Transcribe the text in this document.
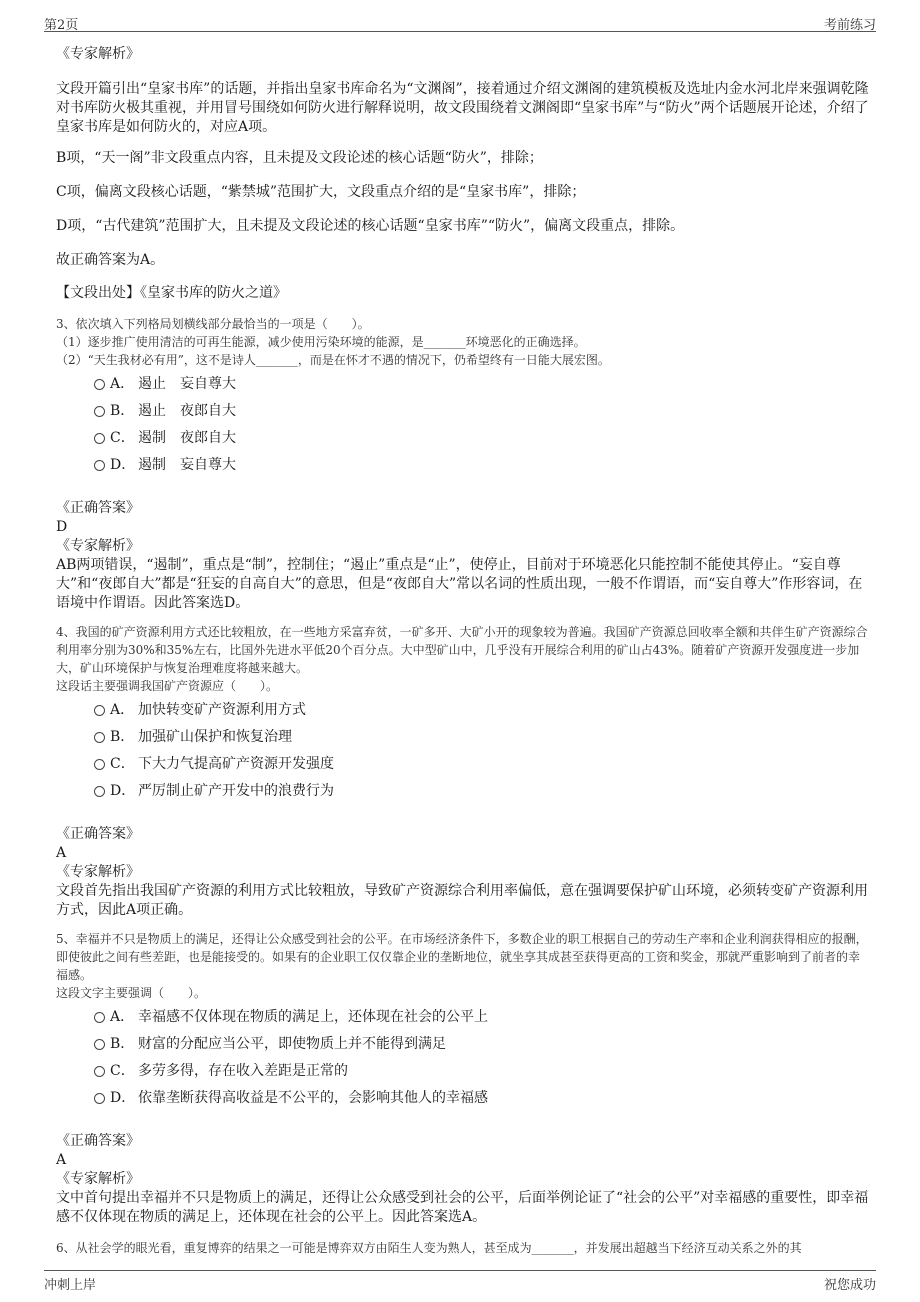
第2页	考前练习
《专家解析》
文段开篇引出“皇家书库”的话题，并指出皇家书库命名为“文渊阁”，接着通过介绍文渊阁的建筑模板及选址内金水河北岸来强调乾隆对书库防火极其重视，并用冒号围绕如何防火进行解释说明，故文段围绕着文渊阁即“皇家书库”与“防火”两个话题展开论述，介绍了皇家书库是如何防火的，对应A项。
B项，“天一阁”非文段重点内容，且未提及文段论述的核心话题“防火”，排除；
C项，偏离文段核心话题，“紫禁城”范围扩大，文段重点介绍的是“皇家书库”，排除；
D项，“古代建筑”范围扩大，且未提及文段论述的核心话题“皇家书库”“防火”，偏离文段重点，排除。
故正确答案为A。
【文段出处】《皇家书库的防火之道》
3、依次填入下列格局划横线部分最恰当的一项是（　　）。
（1）逐步推广使用清洁的可再生能源，减少使用污染环境的能源，是_______环境恶化的正确选择。
（2）“天生我材必有用”，这不是诗人_______，而是在怀才不遇的情况下，仍希望终有一日能大展宏图。
A． 遏止　妄自尊大
B． 遏止　夜郎自大
C． 遏制　夜郎自大
D． 遏制　妄自尊大
《正确答案》
D
《专家解析》
AB两项错误，“遏制”，重点是“制”，控制住；“遏止”重点是“止”，使停止，目前对于环境恶化只能控制不能使其停止。“妄自尊大”和“夜郎自大”都是“狂妄的自高自大”的意思，但是“夜郎自大”常以名词的性质出现，一般不作谓语，而“妄自尊大”作形容词，在语境中作谓语。因此答案选D。
4、我国的矿产资源利用方式还比较粗放，在一些地方采富弃贫，一矿多开、大矿小开的现象较为普遍。我国矿产资源总回收率全额和共伴生矿产资源综合利用率分别为30%和35%左右，比国外先进水平低20个百分点。大中型矿山中，几乎没有开展综合利用的矿山占43%。随着矿产资源开发强度进一步加大，矿山环境保护与恢复治理难度将越来越大。
这段话主要强调我国矿产资源应（　　）。
A． 加快转变矿产资源利用方式
B． 加强矿山保护和恢复治理
C． 下大力气提高矿产资源开发强度
D． 严厉制止矿产开发中的浪费行为
《正确答案》
A
《专家解析》
文段首先指出我国矿产资源的利用方式比较粗放，导致矿产资源综合利用率偏低，意在强调要保护矿山环境，必须转变矿产资源利用方式，因此A项正确。
5、幸福并不只是物质上的满足，还得让公众感受到社会的公平。在市场经济条件下，多数企业的职工根据自己的劳动生产率和企业利润获得相应的报酬，即使彼此之间有些差距，也是能接受的。如果有的企业职工仅仅靠企业的垄断地位，就坐享其成甚至获得更高的工资和奖金，那就严重影响到了前者的幸福感。
这段文字主要强调（　　）。
A． 幸福感不仅体现在物质的满足上，还体现在社会的公平上
B． 财富的分配应当公平，即使物质上并不能得到满足
C． 多劳多得，存在收入差距是正常的
D． 依靠垄断获得高收益是不公平的，会影响其他人的幸福感
《正确答案》
A
《专家解析》
文中首句提出幸福并不只是物质上的满足，还得让公众感受到社会的公平，后面举例论证了“社会的公平”对幸福感的重要性，即幸福感不仅体现在物质的满足上，还体现在社会的公平上。因此答案选A。
6、从社会学的眼光看，重复博弈的结果之一可能是博弈双方由陌生人变为熟人，甚至成为_______，并发展出超越当下经济互动关系之外的其
冲刺上岸	祝您成功
